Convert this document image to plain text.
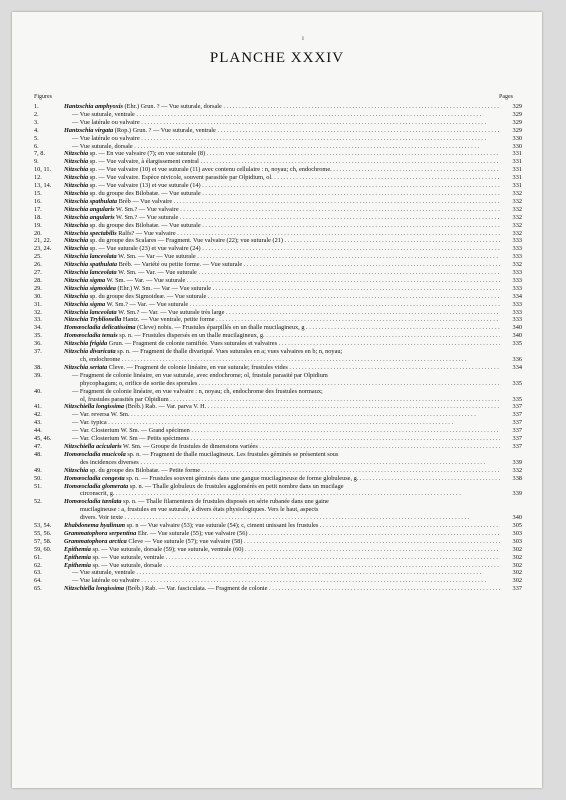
ɪ
PLANCHE XXXIV
Figures	Pages
1.	Hantzschia amphyoxis (Ehr.) Grun. ? — Vue suturale, dorsale . . .	329
2.	— Vue suturale, ventrale . . .	329
3.	— Vue latérale ou valvaire . . .	329
4.	Hantzschia virgata (Rop.) Grun. ? — Vue suturale, ventrale . . .	329
5.	— Vue latérale ou valvaire . . .	330
6.	— Vue suturale, dorsale . . .	330
7, 8.	Nitzschia sp. — En vue valvaire (7); en vue suturale (8) . . .	331
9.	Nitzschia sp. — Vue valvaire, à élargissement central . . .	331
10, 11.	Nitzschia sp. — Vue valvaire (10) et vue suturale (11) avec contenu cellulaire : n, noyau; ch, endochrome. . . .	331
12.	Nitzschia sp. — Vue valvaire. Espèce nivicole, souvent parasitée par Olpidium, ol. . . .	331
13, 14.	Nitzschia sp. — Vue valvaire (13) et vue suturale (14) . . .	331
15.	Nitzschia sp. du groupe des Bilobatæ. — Vue suturale . . .	332
16.	Nitzschia spathulata Bréb — Vue valvaire . . .	332
17.	Nitzschia angularis W. Sm.? — Vue valvaire . . .	332
18.	Nitzschia angularis W. Sm.? — Vue suturale . . .	332
19.	Nitzschia sp. du groupe des Bilobatæ. — Vue suturale . . .	332
20.	Nitzschia spectabilis Ralfs? — Vue valvaire . . .	332
21, 22.	Nitzschia sp. du groupe des Scalares — Fragment. Vue valvaire (22); vue suturale (21) . . .	333
23, 24.	Nitzschia sp. — Vue suturale (23) et vue valvaire (24) . . .	333
25.	Nitzschia lanceolata W. Sm. — Var — Vue suturale . . .	333
26.	Nitzschia spathulata Bréb. — Variété ou petite forme. — Vue suturale . . .	332
27.	Nitzschia lanceolata W. Sm. — Var. — Vue suturale . . .	333
28.	Nitzschia sigma W. Sm. — Var. — Vue suturale . . .	333
29.	Nitzschia sigmoidea (Ehr.) W. Sm. — Var — Vue suturale . . .	333
30.	Nitzschia sp. du groupe des Sigmoideæ. — Vue suturale . . .	334
31.	Nitzschia sigma W. Sm.? — Var. — Vue suturale . . .	333
32.	Nitzschia lanceolata W. Sm.? — Var. — Vue suturale très large . . .	333
33.	Nitzschia Tryblionella Hantz. — Vue ventrale, petite forme . . .	333
34.	Homœocladia delicatissima (Cleve) nobis. — Frustules éparpillés en un thalle mucilagineux, g . . .	340
35.	Homœocladia tenuis sp. n. — Frustules dispersés en un thalle mucilagineux, g. . . .	340
36.	Nitzschia frigida Grun. — Fragment de colonie ramifiée. Vues suturales et valvaires . . .	335
37.	Nitzschia divaricata sp. n. — Fragment de thalle divariqué. Vues suturales en a; vues valvaires en b; n, noyau;
ch, endochrome . . .	336
38.	Nitzschia seriata Cleve. — Fragment de colonie linéaire, en vue suturale; frustules vides . . .	334
39.	— Fragment de colonie linéaire, en vue suturale, avec endochrome; ol, frustule parasité par Olpidium
phycophagum; o, orifice de sortie des sporules . . .	335
40.	— Fragment de colonie linéaire, en vue valvaire : n, noyau; ch, endochrome des frustules normaux;
ol, frustules parasités par Olpidium . . .	335
41.	Nitzschiella longissima (Bréb.) Rab. — Var. parva V. H. . . .	337
42.	— Var. reversa W. Sm. . . .	337
43.	— Var. typica . . .	337
44.	— Var. Closterium W. Sm. — Grand spécimen . . .	337
45, 46.	— Var. Closterium W. Sm — Petits spécimens . . .	337
47.	Nitzschiella acicularis W. Sm. — Groupe de frustules de dimensions variées . . .	337
48.	Homœocladia mucicola sp. n. — Fragment de thalle mucilagineux. Les frustules géminés se présentent sous
des incidences diverses . . .	339
49.	Nitzschia sp. du groupe des Bilobatæ. — Petite forme . . .	332
50.	Homœocladia congesta sp. n. — Frustules souvent géminés dans une gangue mucilagineuse de forme globuleuse, g. . . .	338
51.	Homœocladia glomerata sp. n. — Thalle globuleux de frustules agglomérés en petit nombre dans un mucilage
circonscrit, g. . . .	339
52.	Homœocladia tænlata sp. n. — Thalle filamenteux de frustules disposés en série rubanée dans une gaine
mucilagineuse : a, frustules en vue suturale, à divers états physiologiques. Vers le haut, aspects
divers. Voir texte . . .	340
53, 54.	Rhabdonema hyalinum sp. n — Vue valvaire (53); vue suturale (54); c, ciment unissant les frustules . . .	305
55, 56.	Grammatophora serpentina Ehr. — Vue suturale (55); vue valvaire (56) . . .	303
57, 58.	Grammatophora arctica Cleve — Vue suturale (57); vue valvaire (58) . . .	303
59, 60.	Epithemia sp. — Vue suturale, dorsale (59); vue suturale, ventrale (60) . . .	302
61.	Epithemia sp. — Vue suturale, ventrale . . .	302
62.	Epithemia sp. — Vue suturale, dorsale . . .	302
63.	— Vue suturale, ventrale . . .	302
64.	— Vue latérale ou valvaire . . .	302
65.	Nitzschiella longissima (Bréb.) Rab. — Var. fasciculata. — Fragment de colonie . . .	337
